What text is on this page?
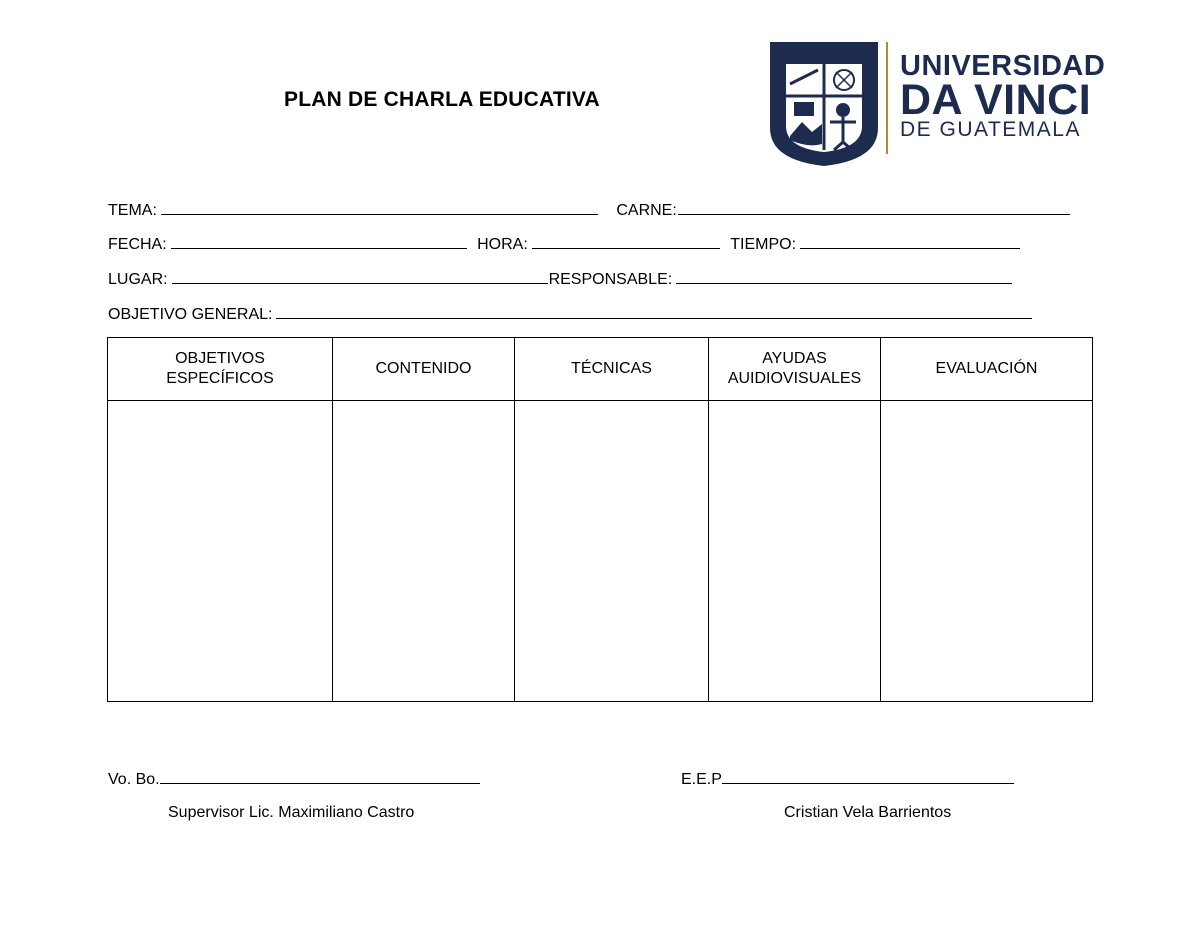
PLAN DE CHARLA EDUCATIVA
UNIVERSIDAD
DA VINCI
DE GUATEMALA
TEMA:	CARNE:
FECHA:	HORA:	TIEMPO:
LUGAR:	RESPONSABLE:
OBJETIVO GENERAL:
OBJETIVOS ESPECÍFICOS	CONTENIDO	TÉCNICAS	AYUDAS AUIDIOVISUALES	EVALUACIÓN

Vo. Bo.
Supervisor Lic. Maximiliano Castro
E.E.P
Cristian Vela Barrientos
